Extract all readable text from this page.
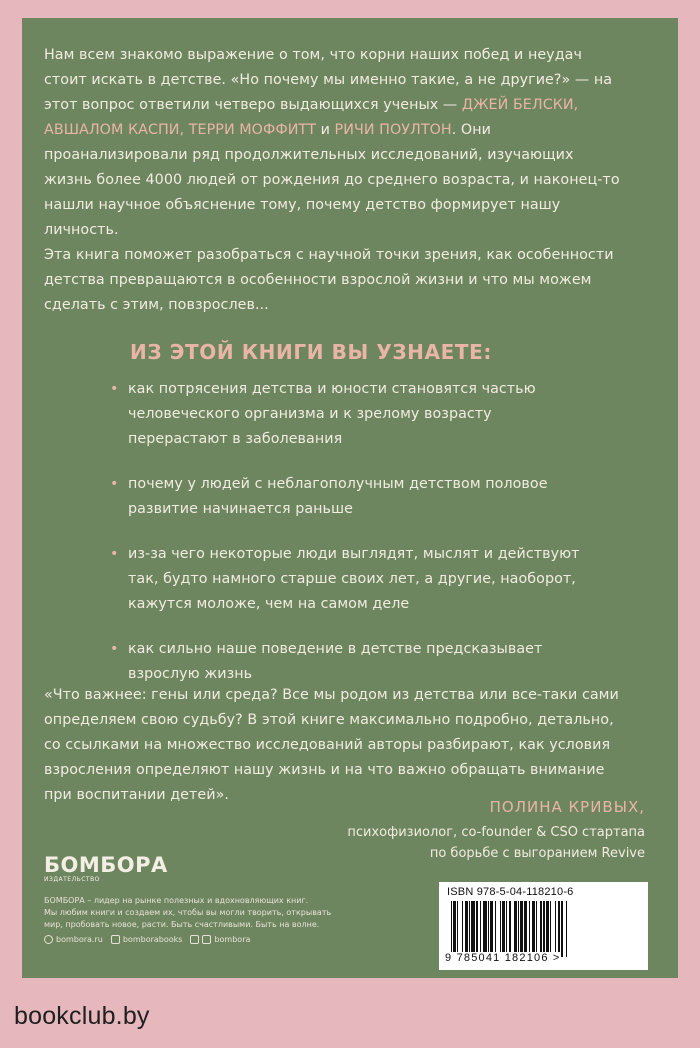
Нам всем знакомо выражение о том, что корни наших побед и неудач стоит искать в детстве. «Но почему мы именно такие, а не другие?» — на этот вопрос ответили четверо выдающихся ученых — ДЖЕЙ БЕЛСКИ, АВШАЛОМ КАСПИ, ТЕРРИ МОФФИТТ и РИЧИ ПОУЛТОН. Они проанализировали ряд продолжительных исследований, изучающих жизнь более 4000 людей от рождения до среднего возраста, и наконец-то нашли научное объяснение тому, почему детство формирует нашу личность.

Эта книга поможет разобраться с научной точки зрения, как особенности детства превращаются в особенности взрослой жизни и что мы можем сделать с этим, повзрослев...

ИЗ ЭТОЙ КНИГИ ВЫ УЗНАЕТЕ:
• как потрясения детства и юности становятся частью человеческого организма и к зрелому возрасту перерастают в заболевания
• почему у людей с неблагополучным детством половое развитие начинается раньше
• из-за чего некоторые люди выглядят, мыслят и действуют так, будто намного старше своих лет, а другие, наоборот, кажутся моложе, чем на самом деле
• как сильно наше поведение в детстве предсказывает взрослую жизнь

«Что важнее: гены или среда? Все мы родом из детства или все-таки сами определяем свою судьбу? В этой книге максимально подробно, детально, со ссылками на множество исследований авторы разбирают, как условия взросления определяют нашу жизнь и на что важно обращать внимание при воспитании детей».

ПОЛИНА КРИВЫХ,
психофизиолог, co-founder & CSO стартапа
по борьбе с выгоранием Revive
БОМБОРА
ИЗДАТЕЛЬСТВО

БОМБОРА – лидер на рынке полезных и вдохновляющих книг.

Мы любим книги и создаем их, чтобы вы могли творить, открывать

мир, пробовать новое, расти. Быть счастливыми. Быть на волне.

bombora.ru	bomborabooks	bombora
ISBN 978-5-04-118210-6
9 785041 182106 >
bookclub.by
